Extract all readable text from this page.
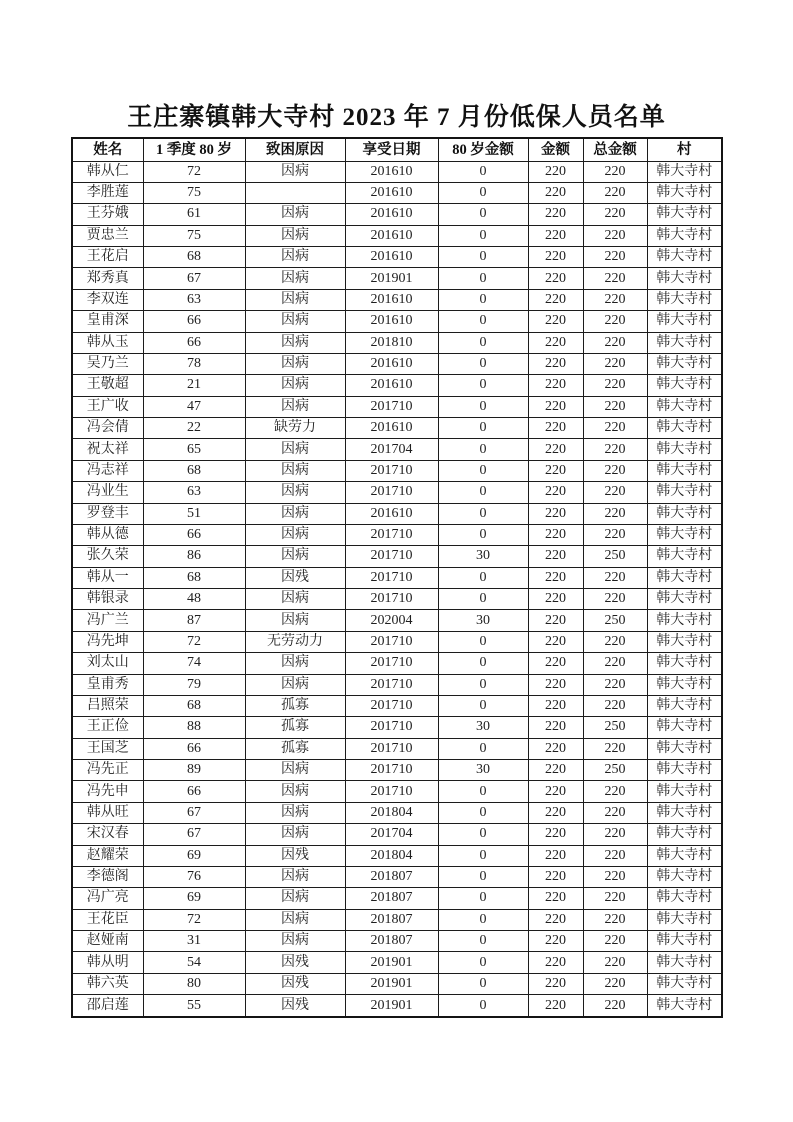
王庄寨镇韩大寺村 2023 年 7 月份低保人员名单
姓名	1 季度 80 岁	致困原因	享受日期	80 岁金额	金额	总金额	村
韩从仁	72	因病	201610	0	220	220	韩大寺村
李胜莲	75		201610	0	220	220	韩大寺村
王芬娥	61	因病	201610	0	220	220	韩大寺村
贾忠兰	75	因病	201610	0	220	220	韩大寺村
王花启	68	因病	201610	0	220	220	韩大寺村
郑秀真	67	因病	201901	0	220	220	韩大寺村
李双连	63	因病	201610	0	220	220	韩大寺村
皇甫深	66	因病	201610	0	220	220	韩大寺村
韩从玉	66	因病	201810	0	220	220	韩大寺村
吴乃兰	78	因病	201610	0	220	220	韩大寺村
王敬超	21	因病	201610	0	220	220	韩大寺村
王广收	47	因病	201710	0	220	220	韩大寺村
冯会倩	22	缺劳力	201610	0	220	220	韩大寺村
祝太祥	65	因病	201704	0	220	220	韩大寺村
冯志祥	68	因病	201710	0	220	220	韩大寺村
冯业生	63	因病	201710	0	220	220	韩大寺村
罗登丰	51	因病	201610	0	220	220	韩大寺村
韩从德	66	因病	201710	0	220	220	韩大寺村
张久荣	86	因病	201710	30	220	250	韩大寺村
韩从一	68	因残	201710	0	220	220	韩大寺村
韩银录	48	因病	201710	0	220	220	韩大寺村
冯广兰	87	因病	202004	30	220	250	韩大寺村
冯先坤	72	无劳动力	201710	0	220	220	韩大寺村
刘太山	74	因病	201710	0	220	220	韩大寺村
皇甫秀	79	因病	201710	0	220	220	韩大寺村
吕照荣	68	孤寡	201710	0	220	220	韩大寺村
王正俭	88	孤寡	201710	30	220	250	韩大寺村
王国芝	66	孤寡	201710	0	220	220	韩大寺村
冯先正	89	因病	201710	30	220	250	韩大寺村
冯先申	66	因病	201710	0	220	220	韩大寺村
韩从旺	67	因病	201804	0	220	220	韩大寺村
宋汉春	67	因病	201704	0	220	220	韩大寺村
赵耀荣	69	因残	201804	0	220	220	韩大寺村
李德阁	76	因病	201807	0	220	220	韩大寺村
冯广亮	69	因病	201807	0	220	220	韩大寺村
王花臣	72	因病	201807	0	220	220	韩大寺村
赵娅南	31	因病	201807	0	220	220	韩大寺村
韩从明	54	因残	201901	0	220	220	韩大寺村
韩六英	80	因残	201901	0	220	220	韩大寺村
邵启莲	55	因残	201901	0	220	220	韩大寺村
